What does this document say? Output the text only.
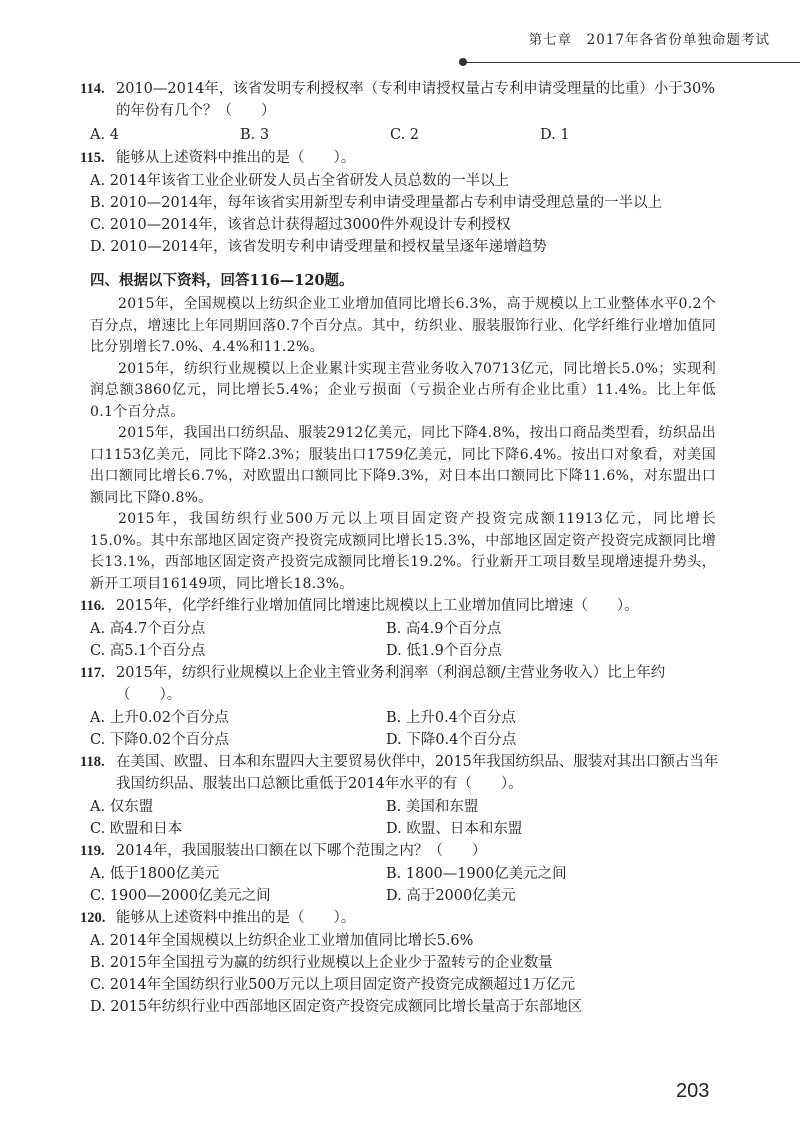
第七章　2017年各省份单独命题考试
114. 2010—2014年，该省发明专利授权率（专利申请授权量占专利申请受理量的比重）小于30%的年份有几个？（　　）
A. 4	B. 3	C. 2	D. 1
115. 能够从上述资料中推出的是（　　）。
A. 2014年该省工业企业研发人员占全省研发人员总数的一半以上
B. 2010—2014年，每年该省实用新型专利申请受理量都占专利申请受理总量的一半以上
C. 2010—2014年，该省总计获得超过3000件外观设计专利授权
D. 2010—2014年，该省发明专利申请受理量和授权量呈逐年递增趋势
四、根据以下资料，回答116—120题。
2015年，全国规模以上纺织企业工业增加值同比增长6.3%，高于规模以上工业整体水平0.2个百分点，增速比上年同期回落0.7个百分点。其中，纺织业、服装服饰行业、化学纤维行业增加值同比分别增长7.0%、4.4%和11.2%。
2015年，纺织行业规模以上企业累计实现主营业务收入70713亿元，同比增长5.0%；实现利润总额3860亿元，同比增长5.4%；企业亏损面（亏损企业占所有企业比重）11.4%。比上年低0.1个百分点。
2015年，我国出口纺织品、服装2912亿美元，同比下降4.8%，按出口商品类型看，纺织品出口1153亿美元，同比下降2.3%；服装出口1759亿美元，同比下降6.4%。按出口对象看，对美国出口额同比增长6.7%，对欧盟出口额同比下降9.3%，对日本出口额同比下降11.6%，对东盟出口额同比下降0.8%。
2015年，我国纺织行业500万元以上项目固定资产投资完成额11913亿元，同比增长15.0%。其中东部地区固定资产投资完成额同比增长15.3%，中部地区固定资产投资完成额同比增长13.1%，西部地区固定资产投资完成额同比增长19.2%。行业新开工项目数呈现增速提升势头，新开工项目16149项，同比增长18.3%。
116. 2015年，化学纤维行业增加值同比增速比规模以上工业增加值同比增速（　　）。
A. 高4.7个百分点	B. 高4.9个百分点
C. 高5.1个百分点	D. 低1.9个百分点
117. 2015年，纺织行业规模以上企业主管业务利润率（利润总额/主营业务收入）比上年约（　　）。
A. 上升0.02个百分点	B. 上升0.4个百分点
C. 下降0.02个百分点	D. 下降0.4个百分点
118. 在美国、欧盟、日本和东盟四大主要贸易伙伴中，2015年我国纺织品、服装对其出口额占当年我国纺织品、服装出口总额比重低于2014年水平的有（　　）。
A. 仅东盟	B. 美国和东盟
C. 欧盟和日本	D. 欧盟、日本和东盟
119. 2014年，我国服装出口额在以下哪个范围之内？（　　）
A. 低于1800亿美元	B. 1800—1900亿美元之间
C. 1900—2000亿美元之间	D. 高于2000亿美元
120. 能够从上述资料中推出的是（　　）。
A. 2014年全国规模以上纺织企业工业增加值同比增长5.6%
B. 2015年全国扭亏为赢的纺织行业规模以上企业少于盈转亏的企业数量
C. 2014年全国纺织行业500万元以上项目固定资产投资完成额超过1万亿元
D. 2015年纺织行业中西部地区固定资产投资完成额同比增长量高于东部地区
203
